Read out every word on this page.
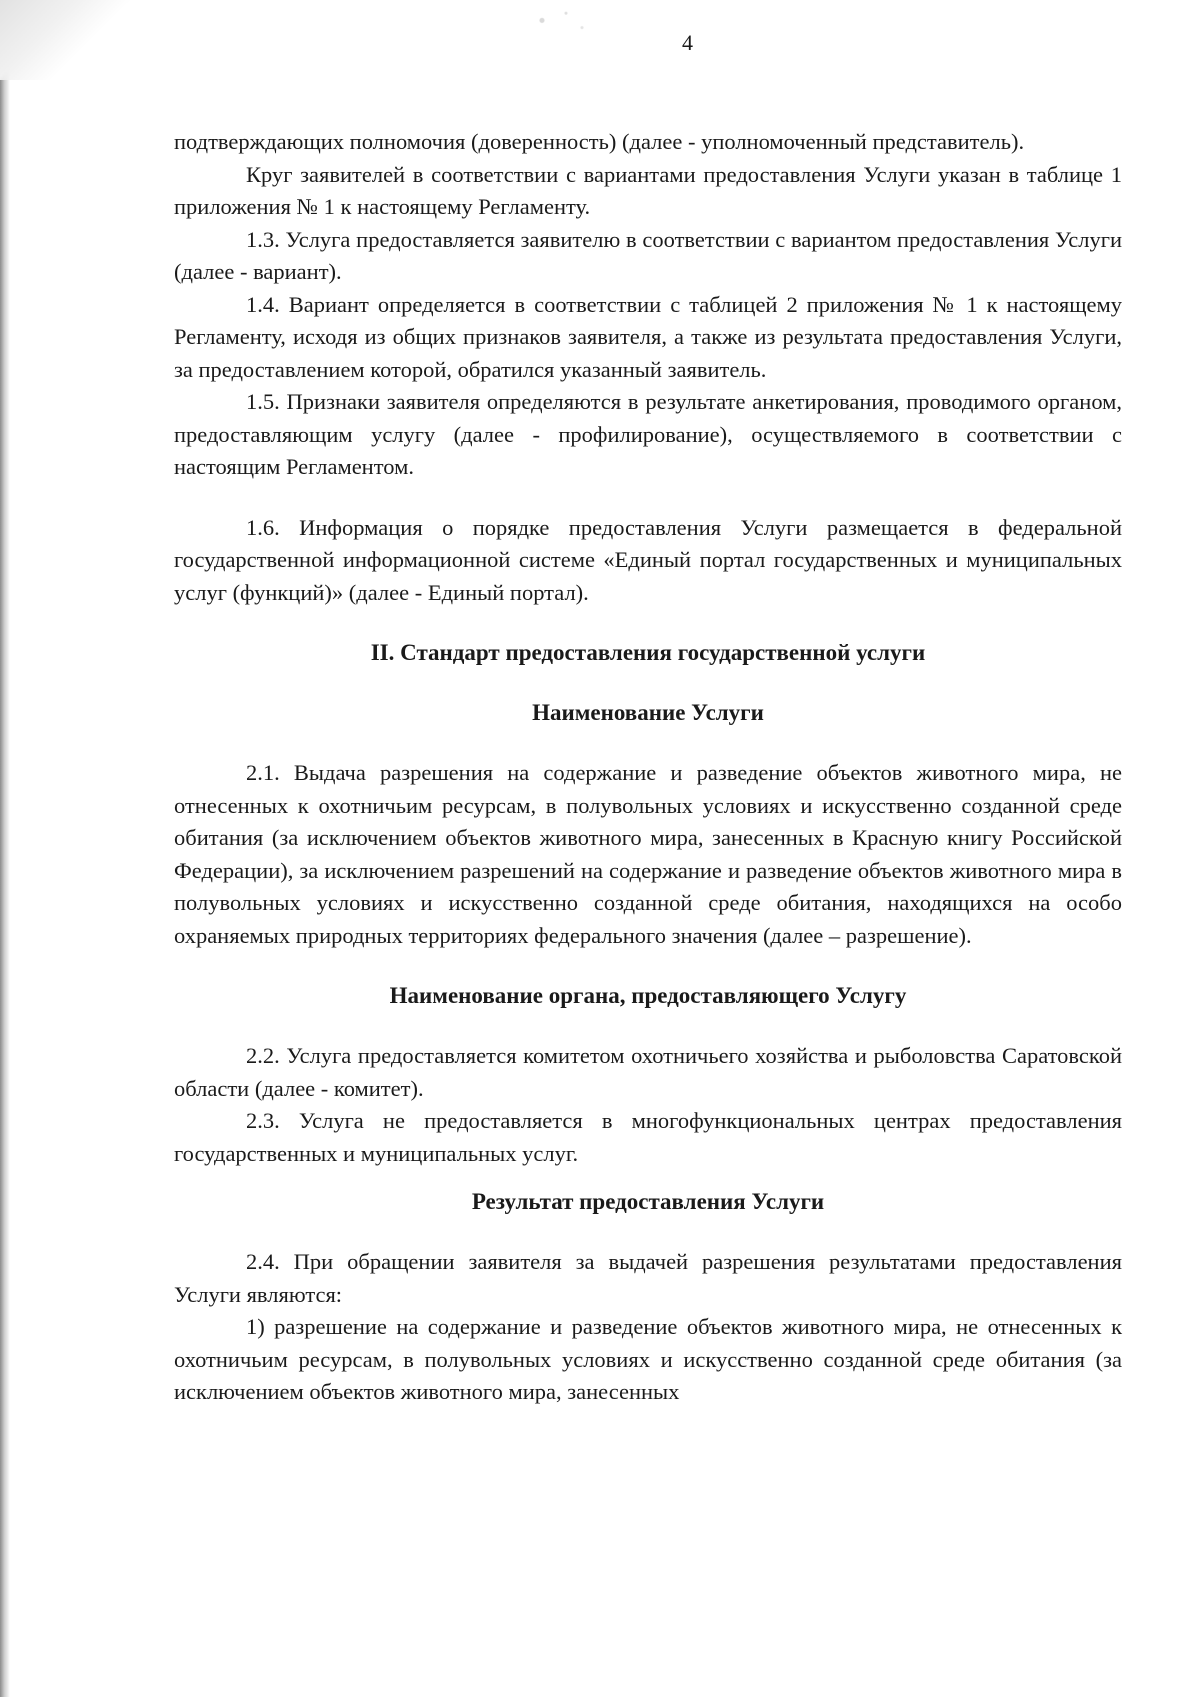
4

подтверждающих полномочия (доверенность) (далее - уполномоченный представитель).

Круг заявителей в соответствии с вариантами предоставления Услуги указан в таблице 1 приложения № 1 к настоящему Регламенту.

1.3. Услуга предоставляется заявителю в соответствии с вариантом предоставления Услуги (далее - вариант).

1.4. Вариант определяется в соответствии с таблицей 2 приложения № 1 к настоящему Регламенту, исходя из общих признаков заявителя, а также из результата предоставления Услуги, за предоставлением которой, обратился указанный заявитель.

1.5. Признаки заявителя определяются в результате анкетирования, проводимого органом, предоставляющим услугу (далее - профилирование), осуществляемого в соответствии с настоящим Регламентом.

1.6. Информация о порядке предоставления Услуги размещается в федеральной государственной информационной системе «Единый портал государственных и муниципальных услуг (функций)» (далее - Единый портал).

II. Стандарт предоставления государственной услуги
Наименование Услуги

2.1. Выдача разрешения на содержание и разведение объектов животного мира, не отнесенных к охотничьим ресурсам, в полувольных условиях и искусственно созданной среде обитания (за исключением объектов животного мира, занесенных в Красную книгу Российской Федерации), за исключением разрешений на содержание и разведение объектов животного мира в полувольных условиях и искусственно созданной среде обитания, находящихся на особо охраняемых природных территориях федерального значения (далее – разрешение).

Наименование органа, предоставляющего Услугу

2.2. Услуга предоставляется комитетом охотничьего хозяйства и рыболовства Саратовской области (далее - комитет).

2.3. Услуга не предоставляется в многофункциональных центрах предоставления государственных и муниципальных услуг.

Результат предоставления Услуги

2.4. При обращении заявителя за выдачей разрешения результатами предоставления Услуги являются:

1) разрешение на содержание и разведение объектов животного мира, не отнесенных к охотничьим ресурсам, в полувольных условиях и искусственно созданной среде обитания (за исключением объектов животного мира, занесенных
